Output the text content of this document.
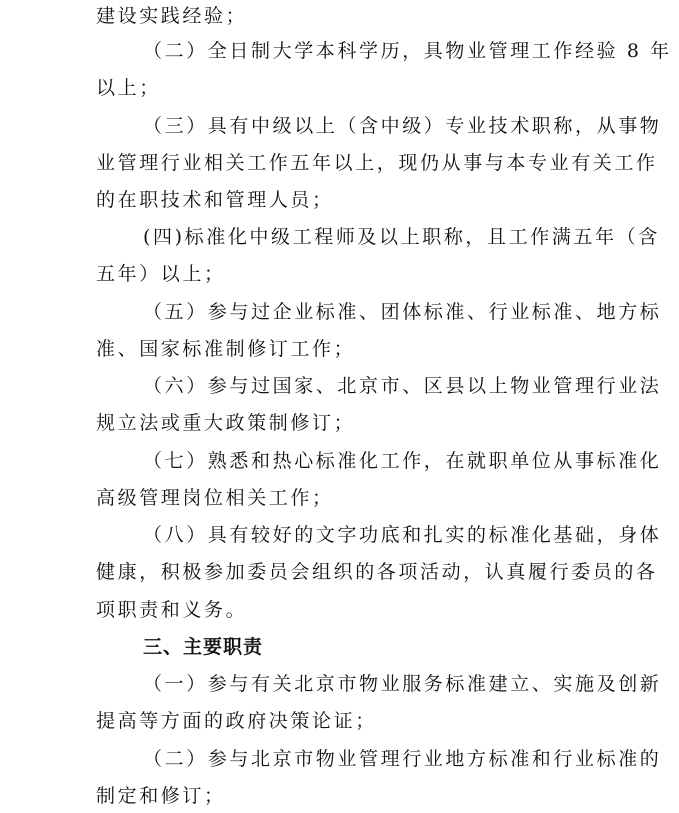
建设实践经验；
（二）全日制大学本科学历，具物业管理工作经验 8 年
以上；
（三）具有中级以上（含中级）专业技术职称，从事物
业管理行业相关工作五年以上，现仍从事与本专业有关工作
的在职技术和管理人员；
(四)标准化中级工程师及以上职称，且工作满五年（含
五年）以上；
（五）参与过企业标准、团体标准、行业标准、地方标
准、国家标准制修订工作；
（六）参与过国家、北京市、区县以上物业管理行业法
规立法或重大政策制修订；
（七）熟悉和热心标准化工作，在就职单位从事标准化
高级管理岗位相关工作；
（八）具有较好的文字功底和扎实的标准化基础，身体
健康，积极参加委员会组织的各项活动，认真履行委员的各
项职责和义务。
三、主要职责
（一）参与有关北京市物业服务标准建立、实施及创新
提高等方面的政府决策论证；
（二）参与北京市物业管理行业地方标准和行业标准的
制定和修订；
